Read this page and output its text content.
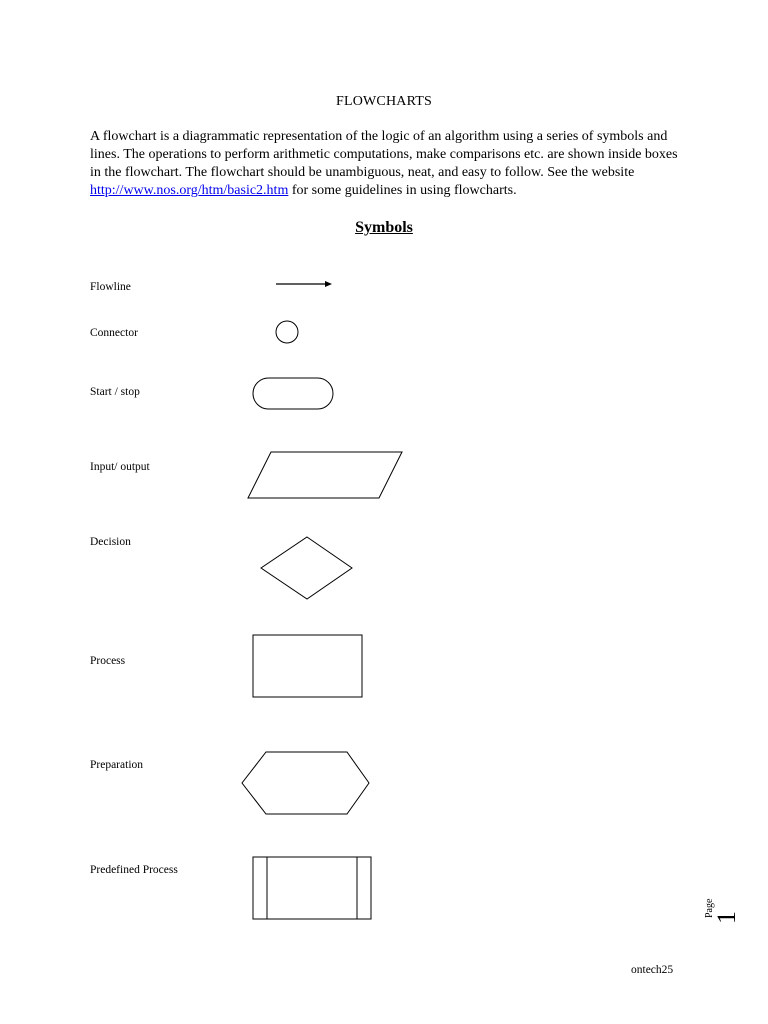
FLOWCHARTS
A flowchart is a diagrammatic representation of the logic of an algorithm using a series of symbols and lines. The operations to perform arithmetic computations, make comparisons etc. are shown inside boxes in the flowchart. The flowchart should be unambiguous, neat, and easy to follow. See the website http://www.nos.org/htm/basic2.htm for some guidelines in using flowcharts.
Symbols
Flowline
Connector
Start / stop
Input/ output
Decision
Process
Preparation
Predefined Process
Page
1
ontech25
